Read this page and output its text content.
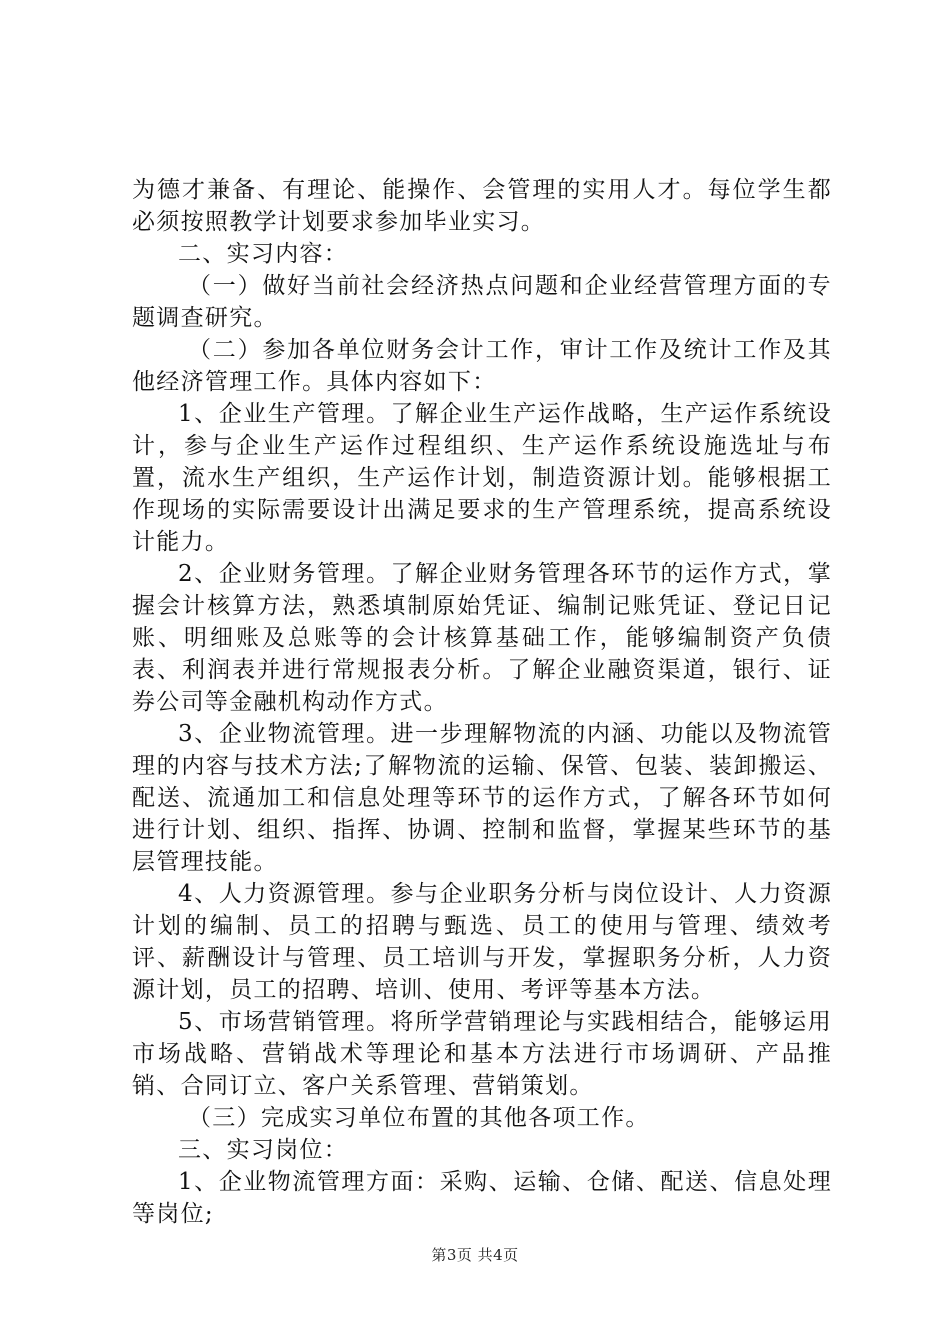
为德才兼备、有理论、能操作、会管理的实用人才。每位学生都必须按照教学计划要求参加毕业实习。

二、实习内容：

（一）做好当前社会经济热点问题和企业经营管理方面的专题调查研究。

（二）参加各单位财务会计工作，审计工作及统计工作及其他经济管理工作。具体内容如下：

1、企业生产管理。了解企业生产运作战略，生产运作系统设计，参与企业生产运作过程组织、生产运作系统设施选址与布置，流水生产组织，生产运作计划，制造资源计划。能够根据工作现场的实际需要设计出满足要求的生产管理系统，提高系统设计能力。

2、企业财务管理。了解企业财务管理各环节的运作方式，掌握会计核算方法，熟悉填制原始凭证、编制记账凭证、登记日记账、明细账及总账等的会计核算基础工作，能够编制资产负债表、利润表并进行常规报表分析。了解企业融资渠道，银行、证券公司等金融机构动作方式。

3、企业物流管理。进一步理解物流的内涵、功能以及物流管理的内容与技术方法;了解物流的运输、保管、包装、装卸搬运、配送、流通加工和信息处理等环节的运作方式，了解各环节如何进行计划、组织、指挥、协调、控制和监督，掌握某些环节的基层管理技能。

4、人力资源管理。参与企业职务分析与岗位设计、人力资源计划的编制、员工的招聘与甄选、员工的使用与管理、绩效考评、薪酬设计与管理、员工培训与开发，掌握职务分析，人力资源计划，员工的招聘、培训、使用、考评等基本方法。

5、市场营销管理。将所学营销理论与实践相结合，能够运用市场战略、营销战术等理论和基本方法进行市场调研、产品推销、合同订立、客户关系管理、营销策划。

（三）完成实习单位布置的其他各项工作。

三、实习岗位：

1、企业物流管理方面：采购、运输、仓储、配送、信息处理等岗位;

第3页 共4页
